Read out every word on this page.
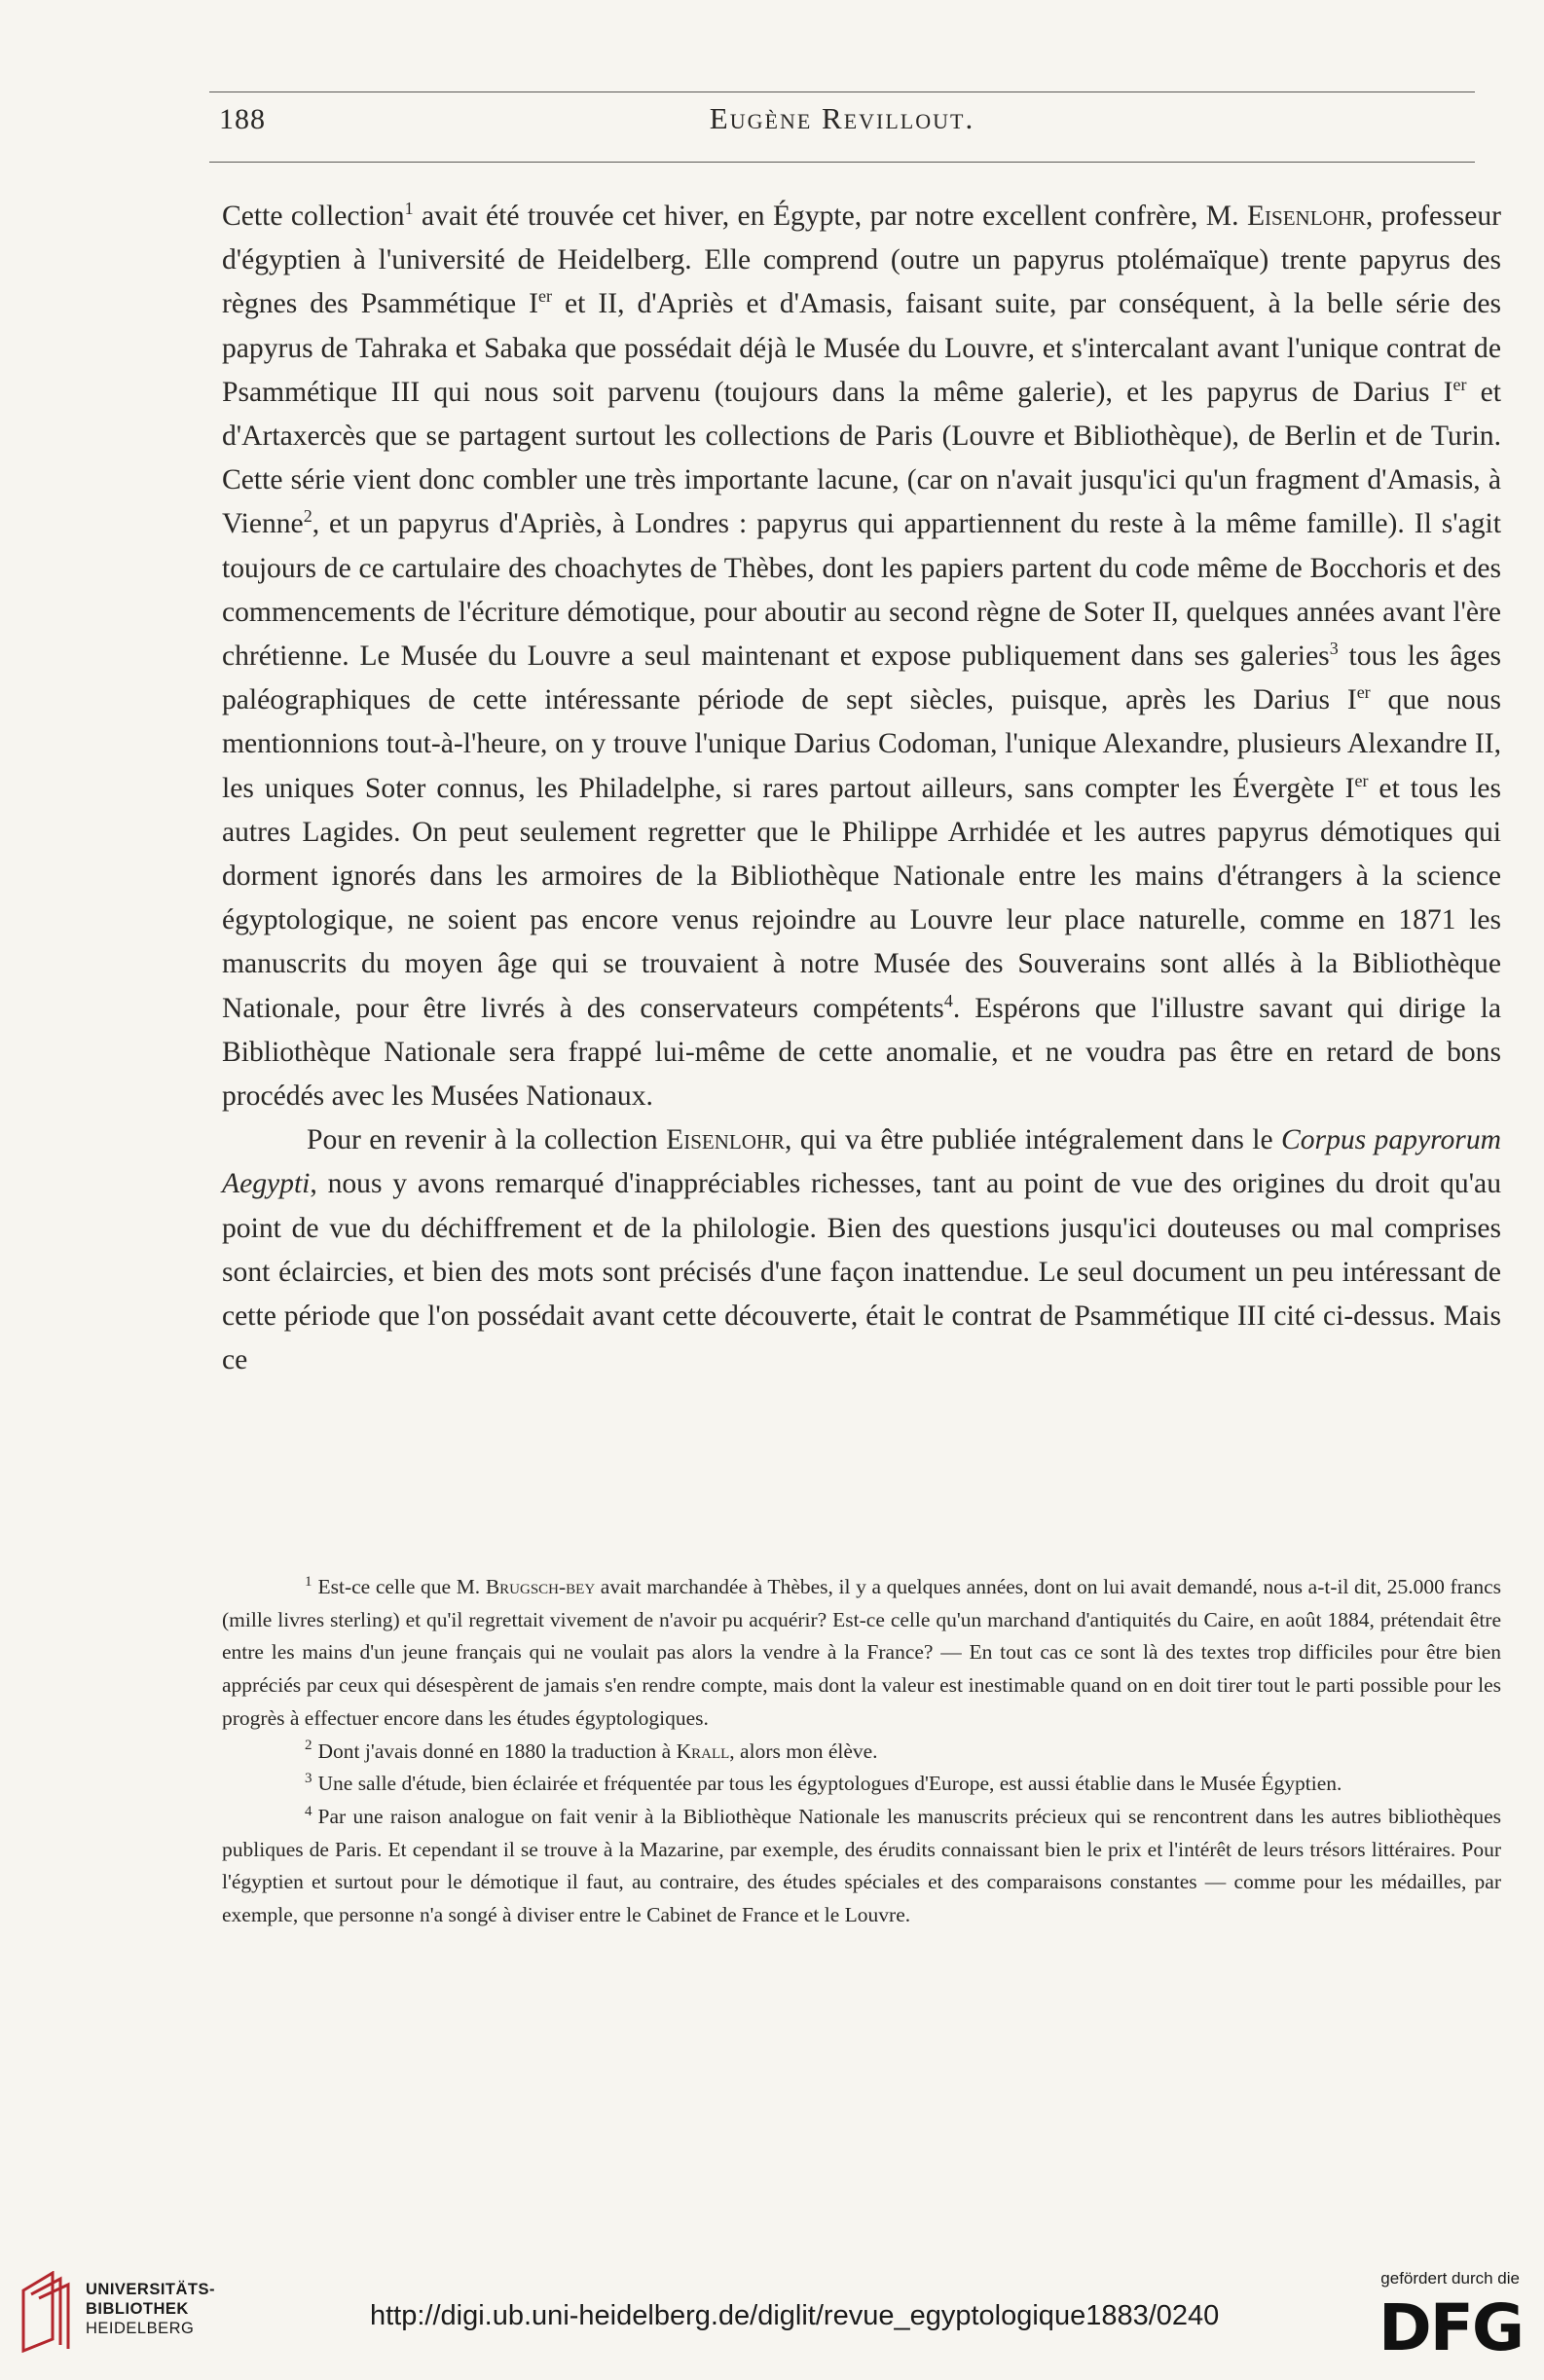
188	Eugène Revillout.

Cette collection$^1$ avait été trouvée cet hiver, en Égypte, par notre excellent confrère, M. Eisenlohr, professeur d'égyptien à l'université de Heidelberg. Elle comprend (outre un papyrus ptolémaïque) trente papyrus des règnes des Psammétique Ier et II, d'Apriès et d'Amasis, faisant suite, par conséquent, à la belle série des papyrus de Tahraka et Sabaka que possédait déjà le Musée du Louvre, et s'intercalant avant l'unique contrat de Psammétique III qui nous soit parvenu (toujours dans la même galerie), et les papyrus de Darius Ier et d'Artaxercès que se partagent surtout les collections de Paris (Louvre et Bibliothèque), de Berlin et de Turin. Cette série vient donc combler une très importante lacune, (car on n'avait jusqu'ici qu'un fragment d'Amasis, à Vienne$^2$, et un papyrus d'Apriès, à Londres : papyrus qui appartiennent du reste à la même famille). Il s'agit toujours de ce cartulaire des choachytes de Thèbes, dont les papiers partent du code même de Bocchoris et des commencements de l'écriture démotique, pour aboutir au second règne de Soter II, quelques années avant l'ère chrétienne. Le Musée du Louvre a seul maintenant et expose publiquement dans ses galeries$^3$ tous les âges paléographiques de cette intéressante période de sept siècles, puisque, après les Darius Ier que nous mentionnions tout-à-l'heure, on y trouve l'unique Darius Codoman, l'unique Alexandre, plusieurs Alexandre II, les uniques Soter connus, les Philadelphe, si rares partout ailleurs, sans compter les Évergète Ier et tous les autres Lagides. On peut seulement regretter que le Philippe Arrhidée et les autres papyrus démotiques qui dorment ignorés dans les armoires de la Bibliothèque Nationale entre les mains d'étrangers à la science égyptologique, ne soient pas encore venus rejoindre au Louvre leur place naturelle, comme en 1871 les manuscrits du moyen âge qui se trouvaient à notre Musée des Souverains sont allés à la Bibliothèque Nationale, pour être livrés à des conservateurs compétents$^4$. Espérons que l'illustre savant qui dirige la Bibliothèque Nationale sera frappé lui-même de cette anomalie, et ne voudra pas être en retard de bons procédés avec les Musées Nationaux.

Pour en revenir à la collection Eisenlohr, qui va être publiée intégralement dans le Corpus papyrorum Aegypti, nous y avons remarqué d'inappréciables richesses, tant au point de vue des origines du droit qu'au point de vue du déchiffrement et de la philologie. Bien des questions jusqu'ici douteuses ou mal comprises sont éclaircies, et bien des mots sont précisés d'une façon inattendue. Le seul document un peu intéressant de cette période que l'on possédait avant cette découverte, était le contrat de Psammétique III cité ci-dessus. Mais ce

$^1$ Est-ce celle que M. Brugsch-bey avait marchandée à Thèbes, il y a quelques années, dont on lui avait demandé, nous a-t-il dit, 25.000 francs (mille livres sterling) et qu'il regrettait vivement de n'avoir pu acquérir? Est-ce celle qu'un marchand d'antiquités du Caire, en août 1884, prétendait être entre les mains d'un jeune français qui ne voulait pas alors la vendre à la France? — En tout cas ce sont là des textes trop difficiles pour être bien appréciés par ceux qui désespèrent de jamais s'en rendre compte, mais dont la valeur est inestimable quand on en doit tirer tout le parti possible pour les progrès à effectuer encore dans les études égyptologiques.

$^2$ Dont j'avais donné en 1880 la traduction à Krall, alors mon élève.

$^3$ Une salle d'étude, bien éclairée et fréquentée par tous les égyptologues d'Europe, est aussi établie dans le Musée Égyptien.

$^4$ Par une raison analogue on fait venir à la Bibliothèque Nationale les manuscrits précieux qui se rencontrent dans les autres bibliothèques publiques de Paris. Et cependant il se trouve à la Mazarine, par exemple, des érudits connaissant bien le prix et l'intérêt de leurs trésors littéraires. Pour l'égyptien et surtout pour le démotique il faut, au contraire, des études spéciales et des comparaisons constantes — comme pour les médailles, par exemple, que personne n'a songé à diviser entre le Cabinet de France et le Louvre.

UNIVERSITÄTS-
BIBLIOTHEK
HEIDELBERG	http://digi.ub.uni-heidelberg.de/diglit/revue_egyptologique1883/0240
gefördert durch die
DFG
